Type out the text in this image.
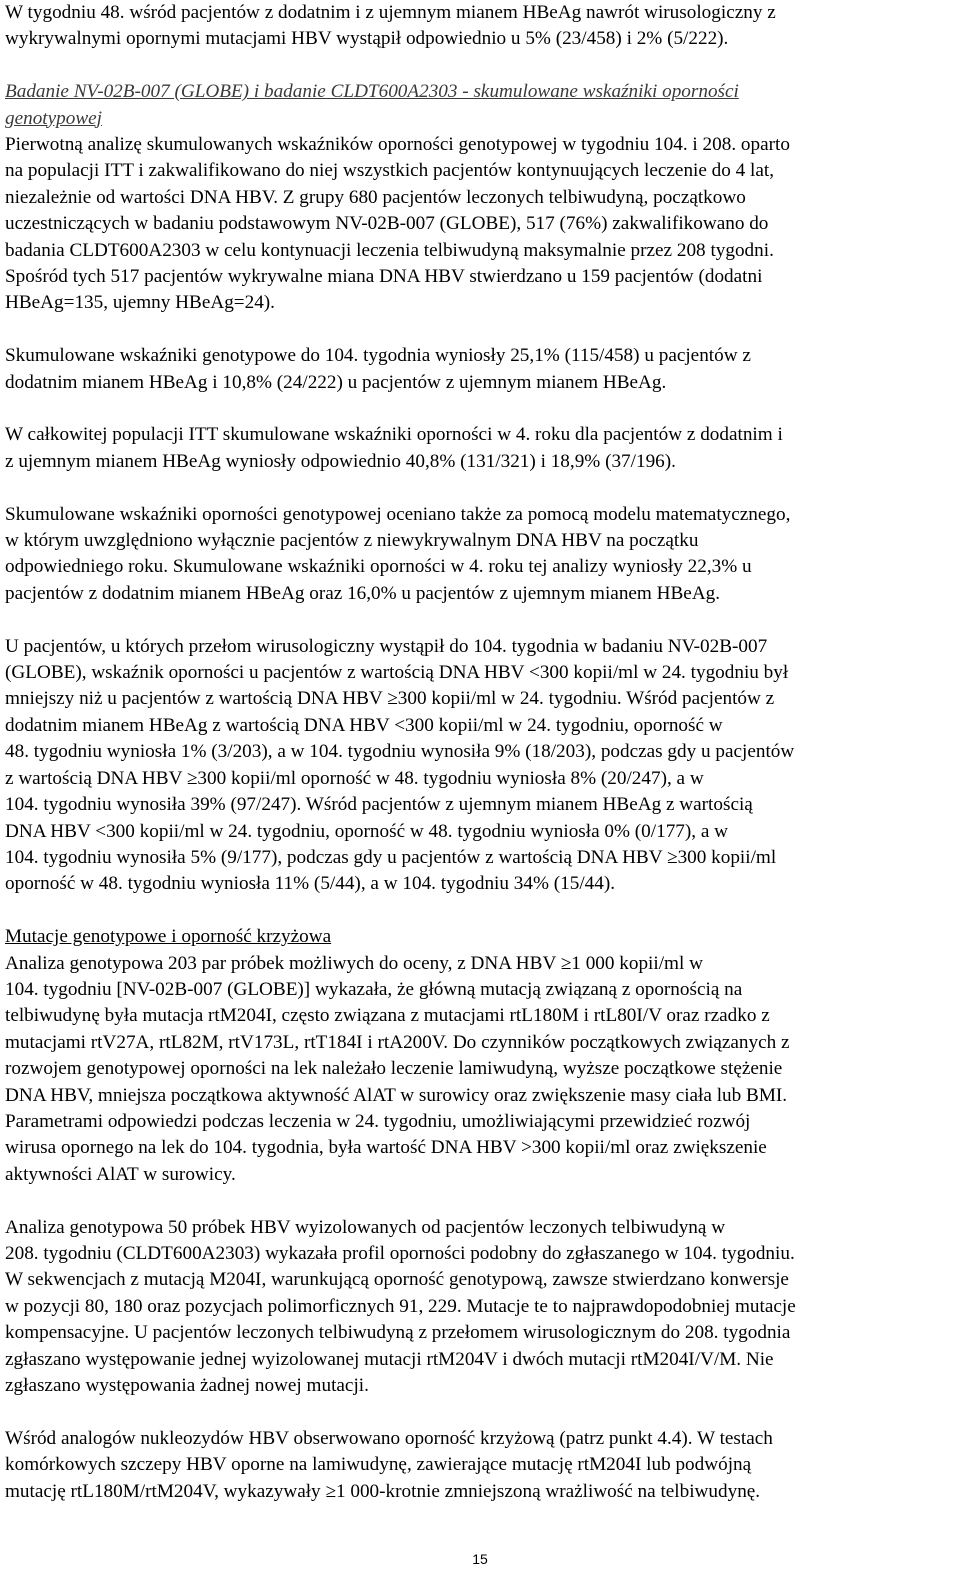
W tygodniu 48. wśród pacjentów z dodatnim i z ujemnym mianem HBeAg nawrót wirusologiczny z
wykrywalnymi opornymi mutacjami HBV wystąpił odpowiednio u 5% (23/458) i 2% (5/222).

Badanie NV-02B-007 (GLOBE) i badanie CLDT600A2303 - skumulowane wskaźniki oporności
genotypowej

Pierwotną analizę skumulowanych wskaźników oporności genotypowej w tygodniu 104. i 208. oparto
na populacji ITT i zakwalifikowano do niej wszystkich pacjentów kontynuujących leczenie do 4 lat,
niezależnie od wartości DNA HBV. Z grupy 680 pacjentów leczonych telbiwudyną, początkowo
uczestniczących w badaniu podstawowym NV-02B-007 (GLOBE), 517 (76%) zakwalifikowano do
badania CLDT600A2303 w celu kontynuacji leczenia telbiwudyną maksymalnie przez 208 tygodni.
Spośród tych 517 pacjentów wykrywalne miana DNA HBV stwierdzano u 159 pacjentów (dodatni
HBeAg=135, ujemny HBeAg=24).

Skumulowane wskaźniki genotypowe do 104. tygodnia wyniosły 25,1% (115/458) u pacjentów z
dodatnim mianem HBeAg i 10,8% (24/222) u pacjentów z ujemnym mianem HBeAg.

W całkowitej populacji ITT skumulowane wskaźniki oporności w 4. roku dla pacjentów z dodatnim i
z ujemnym mianem HBeAg wyniosły odpowiednio 40,8% (131/321) i 18,9% (37/196).

Skumulowane wskaźniki oporności genotypowej oceniano także za pomocą modelu matematycznego,
w którym uwzględniono wyłącznie pacjentów z niewykrywalnym DNA HBV na początku
odpowiedniego roku. Skumulowane wskaźniki oporności w 4. roku tej analizy wyniosły 22,3% u
pacjentów z dodatnim mianem HBeAg oraz 16,0% u pacjentów z ujemnym mianem HBeAg.

U pacjentów, u których przełom wirusologiczny wystąpił do 104. tygodnia w badaniu NV-02B-007
(GLOBE), wskaźnik oporności u pacjentów z wartością DNA HBV <300 kopii/ml w 24. tygodniu był
mniejszy niż u pacjentów z wartością DNA HBV ≥300 kopii/ml w 24. tygodniu. Wśród pacjentów z
dodatnim mianem HBeAg z wartością DNA HBV <300 kopii/ml w 24. tygodniu, oporność w
48. tygodniu wyniosła 1% (3/203), a w 104. tygodniu wynosiła 9% (18/203), podczas gdy u pacjentów
z wartością DNA HBV ≥300 kopii/ml oporność w 48. tygodniu wyniosła 8% (20/247), a w
104. tygodniu wynosiła 39% (97/247). Wśród pacjentów z ujemnym mianem HBeAg z wartością
DNA HBV <300 kopii/ml w 24. tygodniu, oporność w 48. tygodniu wyniosła 0% (0/177), a w
104. tygodniu wynosiła 5% (9/177), podczas gdy u pacjentów z wartością DNA HBV ≥300 kopii/ml
oporność w 48. tygodniu wyniosła 11% (5/44), a w 104. tygodniu 34% (15/44).

Mutacje genotypowe i oporność krzyżowa

Analiza genotypowa 203 par próbek możliwych do oceny, z DNA HBV ≥1 000 kopii/ml w
104. tygodniu [NV-02B-007 (GLOBE)] wykazała, że główną mutacją związaną z opornością na
telbiwudynę była mutacja rtM204I, często związana z mutacjami rtL180M i rtL80I/V oraz rzadko z
mutacjami rtV27A, rtL82M, rtV173L, rtT184I i rtA200V. Do czynników początkowych związanych z
rozwojem genotypowej oporności na lek należało leczenie lamiwudyną, wyższe początkowe stężenie
DNA HBV, mniejsza początkowa aktywność AlAT w surowicy oraz zwiększenie masy ciała lub BMI.
Parametrami odpowiedzi podczas leczenia w 24. tygodniu, umożliwiającymi przewidzieć rozwój
wirusa opornego na lek do 104. tygodnia, była wartość DNA HBV >300 kopii/ml oraz zwiększenie
aktywności AlAT w surowicy.

Analiza genotypowa 50 próbek HBV wyizolowanych od pacjentów leczonych telbiwudyną w
208. tygodniu (CLDT600A2303) wykazała profil oporności podobny do zgłaszanego w 104. tygodniu.
W sekwencjach z mutacją M204I, warunkującą oporność genotypową, zawsze stwierdzano konwersje
w pozycji 80, 180 oraz pozycjach polimorficznych 91, 229. Mutacje te to najprawdopodobniej mutacje
kompensacyjne. U pacjentów leczonych telbiwudyną z przełomem wirusologicznym do 208. tygodnia
zgłaszano występowanie jednej wyizolowanej mutacji rtM204V i dwóch mutacji rtM204I/V/M. Nie
zgłaszano występowania żadnej nowej mutacji.

Wśród analogów nukleozydów HBV obserwowano oporność krzyżową (patrz punkt 4.4). W testach
komórkowych szczepy HBV oporne na lamiwudynę, zawierające mutację rtM204I lub podwójną
mutację rtL180M/rtM204V, wykazywały ≥1 000-krotnie zmniejszoną wrażliwość na telbiwudynę.

15
